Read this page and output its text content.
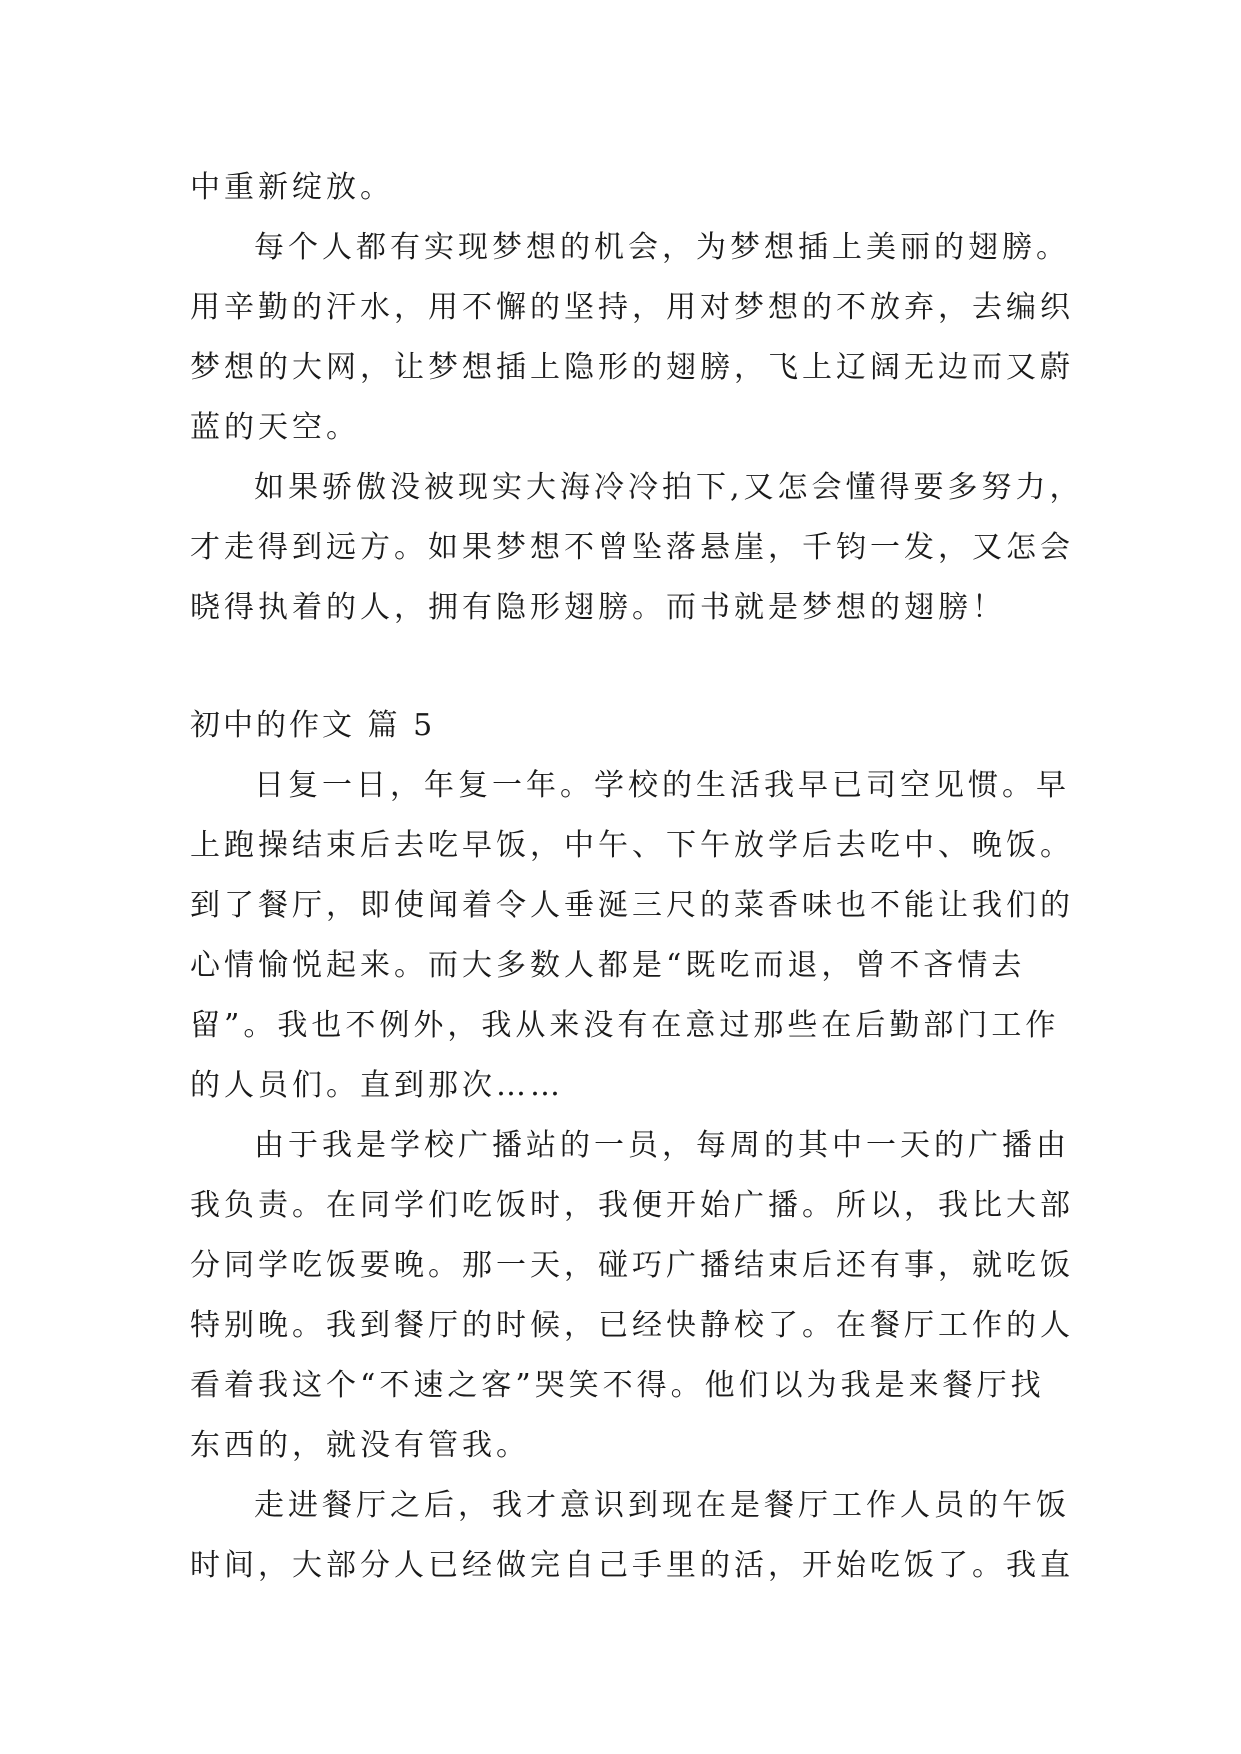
中重新绽放。
每个人都有实现梦想的机会，为梦想插上美丽的翅膀。
用辛勤的汗水，用不懈的坚持，用对梦想的不放弃，去编织
梦想的大网，让梦想插上隐形的翅膀，飞上辽阔无边而又蔚
蓝的天空。
如果骄傲没被现实大海冷冷拍下,又怎会懂得要多努力，
才走得到远方。如果梦想不曾坠落悬崖，千钧一发，又怎会
晓得执着的人，拥有隐形翅膀。而书就是梦想的翅膀！
初中的作文 篇 5
日复一日，年复一年。学校的生活我早已司空见惯。早
上跑操结束后去吃早饭，中午、下午放学后去吃中、晚饭。
到了餐厅，即使闻着令人垂涎三尺的菜香味也不能让我们的
心情愉悦起来。而大多数人都是“既吃而退，曾不吝情去
留”。我也不例外，我从来没有在意过那些在后勤部门工作
的人员们。直到那次……
由于我是学校广播站的一员，每周的其中一天的广播由
我负责。在同学们吃饭时，我便开始广播。所以，我比大部
分同学吃饭要晚。那一天，碰巧广播结束后还有事，就吃饭
特别晚。我到餐厅的时候，已经快静校了。在餐厅工作的人
看着我这个“不速之客”哭笑不得。他们以为我是来餐厅找
东西的，就没有管我。
走进餐厅之后，我才意识到现在是餐厅工作人员的午饭
时间，大部分人已经做完自己手里的活，开始吃饭了。我直
